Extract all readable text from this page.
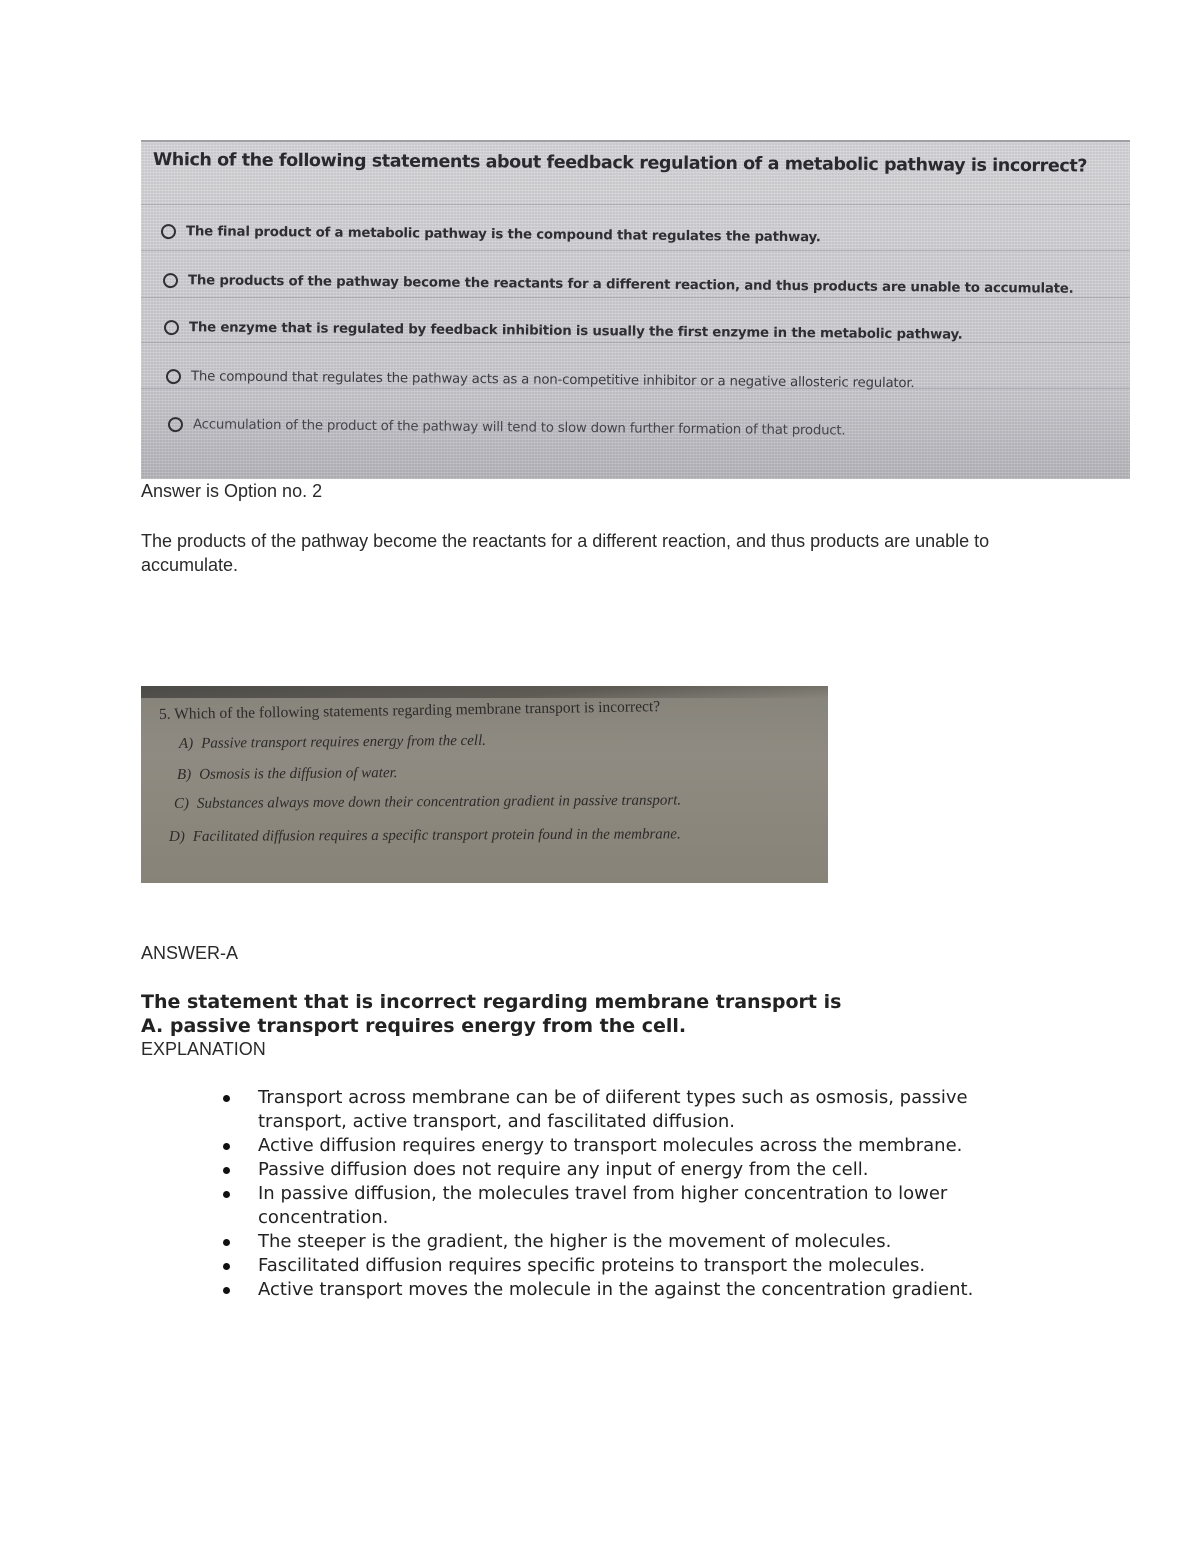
Which of the following statements about feedback regulation of a metabolic pathway is incorrect?
The final product of a metabolic pathway is the compound that regulates the pathway.
The products of the pathway become the reactants for a different reaction, and thus products are unable to accumulate.
The enzyme that is regulated by feedback inhibition is usually the first enzyme in the metabolic pathway.
The compound that regulates the pathway acts as a non-competitive inhibitor or a negative allosteric regulator.
Accumulation of the product of the pathway will tend to slow down further formation of that product.
Answer is Option no. 2
The products of the pathway become the reactants for a different reaction, and thus products are unable to accumulate.
5. Which of the following statements regarding membrane transport is incorrect?
A) Passive transport requires energy from the cell.
B) Osmosis is the diffusion of water.
C) Substances always move down their concentration gradient in passive transport.
D) Facilitated diffusion requires a specific transport protein found in the membrane.
ANSWER-A
The statement that is incorrect regarding membrane transport is
A. passive transport requires energy from the cell.
EXPLANATION
Transport across membrane can be of diiferent types such as osmosis, passive transport, active transport, and fascilitated diffusion.
Active diffusion requires energy to transport molecules across the membrane.
Passive diffusion does not require any input of energy from the cell.
In passive diffusion, the molecules travel from higher concentration to lower concentration.
The steeper is the gradient, the higher is the movement of molecules.
Fascilitated diffusion requires specific proteins to transport the molecules.
Active transport moves the molecule in the against the concentration gradient.
